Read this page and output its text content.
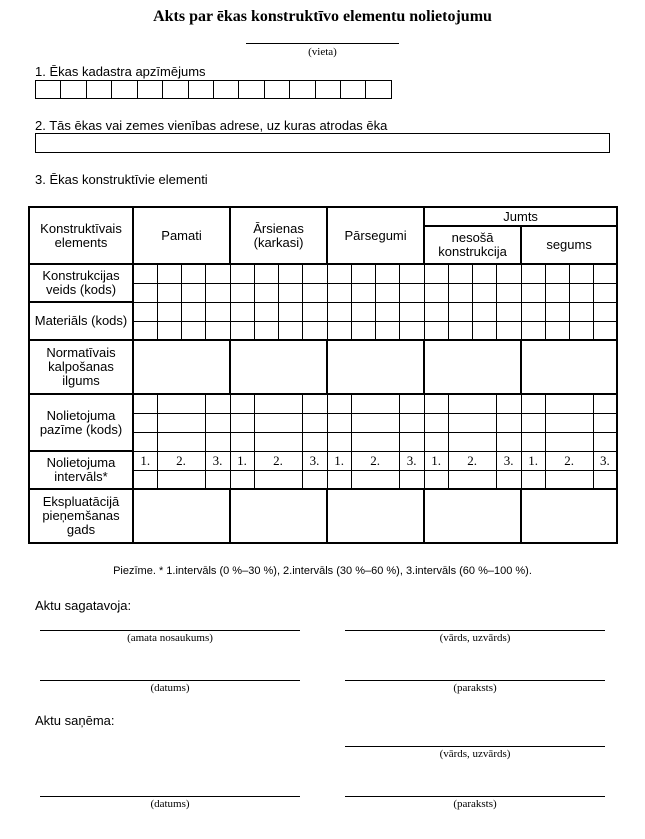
Akts par ēkas konstruktīvo elementu nolietojumu
(vieta)
1. Ēkas kadastra apzīmējums
2. Tās ēkas vai zemes vienības adrese, uz kuras atrodas ēka
3. Ēkas konstruktīvie elementi
Konstruktīvais elements	Pamati				Ārsienas (karkasi)				Pārsegumi				Jumts							
													nesošā konstrukcija				segums			
Konstrukcijas veids (kods)																				

Materiāls (kods)																				

Normatīvais kalpošanas ilgums																				
Nolietojuma pazīme (kods)																				

Nolietojuma intervāls*	1.	2.		3.	1.	2.		3.	1.	2.		3.	1.	2.		3.	1.	2.		3.

Ekspluatācijā pieņemšanas gads																				
Piezīme. * 1.intervāls (0 %–30 %), 2.intervāls (30 %–60 %), 3.intervāls (60 %–100 %).
Aktu sagatavoja:
(amata nosaukums)	(vārds, uzvārds)
(datums)	(paraksts)
Aktu saņēma:
(vārds, uzvārds)
(datums)	(paraksts)
